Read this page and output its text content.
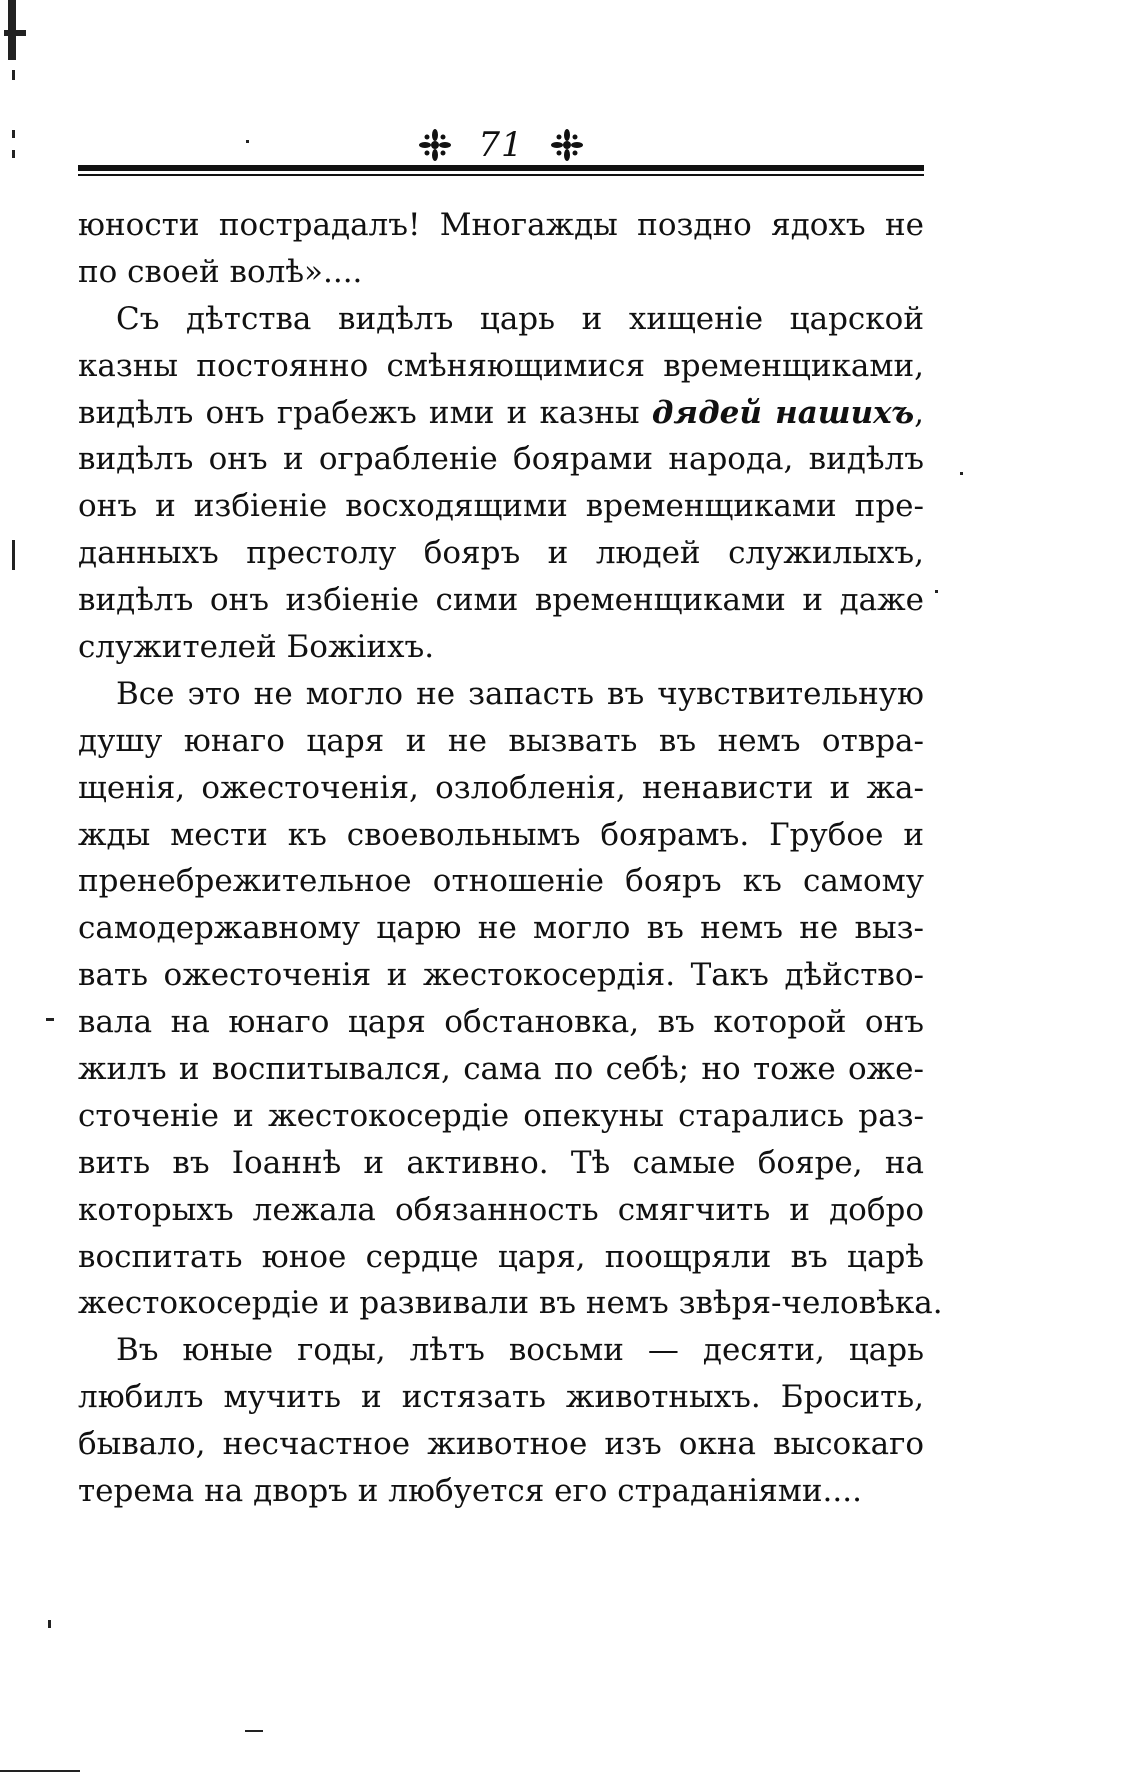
71
юности пострадалъ! Многажды поздно ядохъ не
по своей волѣ»....
Съ дѣтства видѣлъ царь и хищеніе царской
казны постоянно смѣняющимися временщиками,
видѣлъ онъ грабежъ ими и казны дядей нашихъ,
видѣлъ онъ и ограбленіе боярами народа, видѣлъ
онъ и избіеніе восходящими временщиками пре-
данныхъ престолу бояръ и людей служилыхъ,
видѣлъ онъ избіеніе сими временщиками и даже
служителей Божіихъ.
Все это не могло не запасть въ чувствительную
душу юнаго царя и не вызвать въ немъ отвра-
щенія, ожесточенія, озлобленія, ненависти и жа-
жды мести къ своевольнымъ боярамъ. Грубое и
пренебрежительное отношеніе бояръ къ самому
самодержавному царю не могло въ немъ не выз-
вать ожесточенія и жестокосердія. Такъ дѣйство-
вала на юнаго царя обстановка, въ которой онъ
жилъ и воспитывался, сама по себѣ; но тоже оже-
сточеніе и жестокосердіе опекуны старались раз-
вить въ Іоаннѣ и активно. Тѣ самые бояре, на
которыхъ лежала обязанность смягчить и добро
воспитать юное сердце царя, поощряли въ царѣ
жестокосердіе и развивали въ немъ звѣря-человѣка.
Въ юные годы, лѣтъ восьми — десяти, царь
любилъ мучить и истязать животныхъ. Бросить,
бывало, несчастное животное изъ окна высокаго
терема на дворъ и любуется его страданіями....
